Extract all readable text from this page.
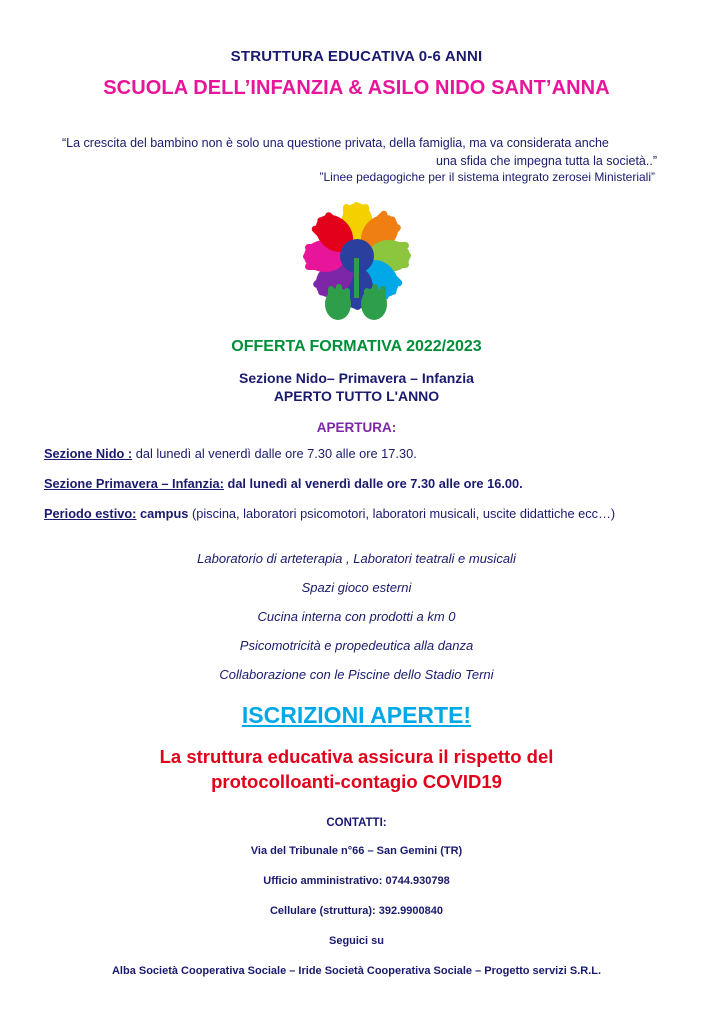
STRUTTURA EDUCATIVA 0-6 ANNI
SCUOLA DELL’INFANZIA & ASILO NIDO SANT’ANNA
“La crescita del bambino non è solo una questione privata, della famiglia, ma va considerata anche
una sfida che impegna tutta la società..”
”Linee pedagogiche per il sistema integrato zerosei Ministeriali”
OFFERTA FORMATIVA 2022/2023
Sezione Nido– Primavera – Infanzia
APERTO TUTTO L'ANNO
APERTURA:
Sezione Nido : dal lunedì al venerdì dalle ore 7.30 alle ore 17.30.
Sezione Primavera – Infanzia: dal lunedì al venerdì dalle ore 7.30 alle ore 16.00.
Periodo estivo: campus (piscina, laboratori psicomotori, laboratori musicali, uscite didattiche ecc…)
Laboratorio di arteterapia , Laboratori teatrali e musicali
Spazi gioco esterni
Cucina interna con prodotti a km 0
Psicomotricità e propedeutica alla danza
Collaborazione con le Piscine dello Stadio Terni
ISCRIZIONI APERTE!
La struttura educativa assicura il rispetto del
protocolloanti-contagio COVID19
CONTATTI:
Via del Tribunale n°66 – San Gemini (TR)
Ufficio amministrativo: 0744.930798
Cellulare (struttura): 392.9900840
Seguici su
Alba Società Cooperativa Sociale – Iride Società Cooperativa Sociale – Progetto servizi S.R.L.
